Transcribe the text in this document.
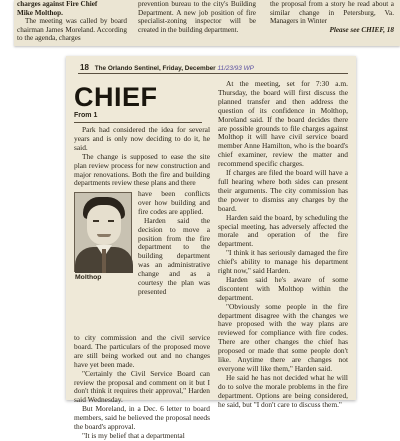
charges against Fire Chief
Mike Molthop.
The meeting was called by board chairman James Moreland. According to the agenda, charges
prevention bureau to the city's Building Department. A new job position of fire specialist-zoning inspector will be created in the building department.
the proposal from a story he read about a similar change in Petersburg, Va. Managers in Winter
Please see CHIEF, 18
18 The Orlando Sentinel, Friday, December 11/23/93 WP
CHIEF
From 1

Park had considered the idea for several years and is only now deciding to do it, he said.

The change is supposed to ease the site plan review process for new construction and major renovations. Both the fire and building departments review these plans and there

Molthop

have been conflicts over how building and fire codes are applied.

Harden said the decision to move a position from the fire department to the building department was an administrative change and as a courtesy the plan was presented

to city commission and the civil service board. The particulars of the proposed move are still being worked out and no changes have yet been made.

"Certainly the Civil Service Board can review the proposal and comment on it but I don't think it requires their approval," Harden said Wednesday.

But Moreland, in a Dec. 6 letter to board members, said he believed the proposal needs the board's approval.

"It is my belief that a departmental

At the meeting, set for 7:30 a.m. Thursday, the board will first discuss the planned transfer and then address the question of its confidence in Molthop, Moreland said. If the board decides there are possible grounds to file charges against Molthop it will have civil service board member Anne Hamilton, who is the board's chief examiner, review the matter and recommend specific charges.

If charges are filed the board will have a full hearing where both sides can present their arguments. The city commission has the power to dismiss any charges by the board.

Harden said the board, by scheduling the special meeting, has adversely affected the morale and operation of the fire department.

"I think it has seriously damaged the fire chief's ability to manage his department right now," said Harden.

Harden said he's aware of some discontent with Molthop within the department.

"Obviously some people in the fire department disagree with the changes we have proposed with the way plans are reviewed for compliance with fire codes. There are other changes the chief has proposed or made that some people don't like. Anytime there are changes not everyone will like them," Harden said.

He said he has not decided what he will do to solve the morale problems in the fire department. Options are being considered, he said, but "I don't care to discuss them."
